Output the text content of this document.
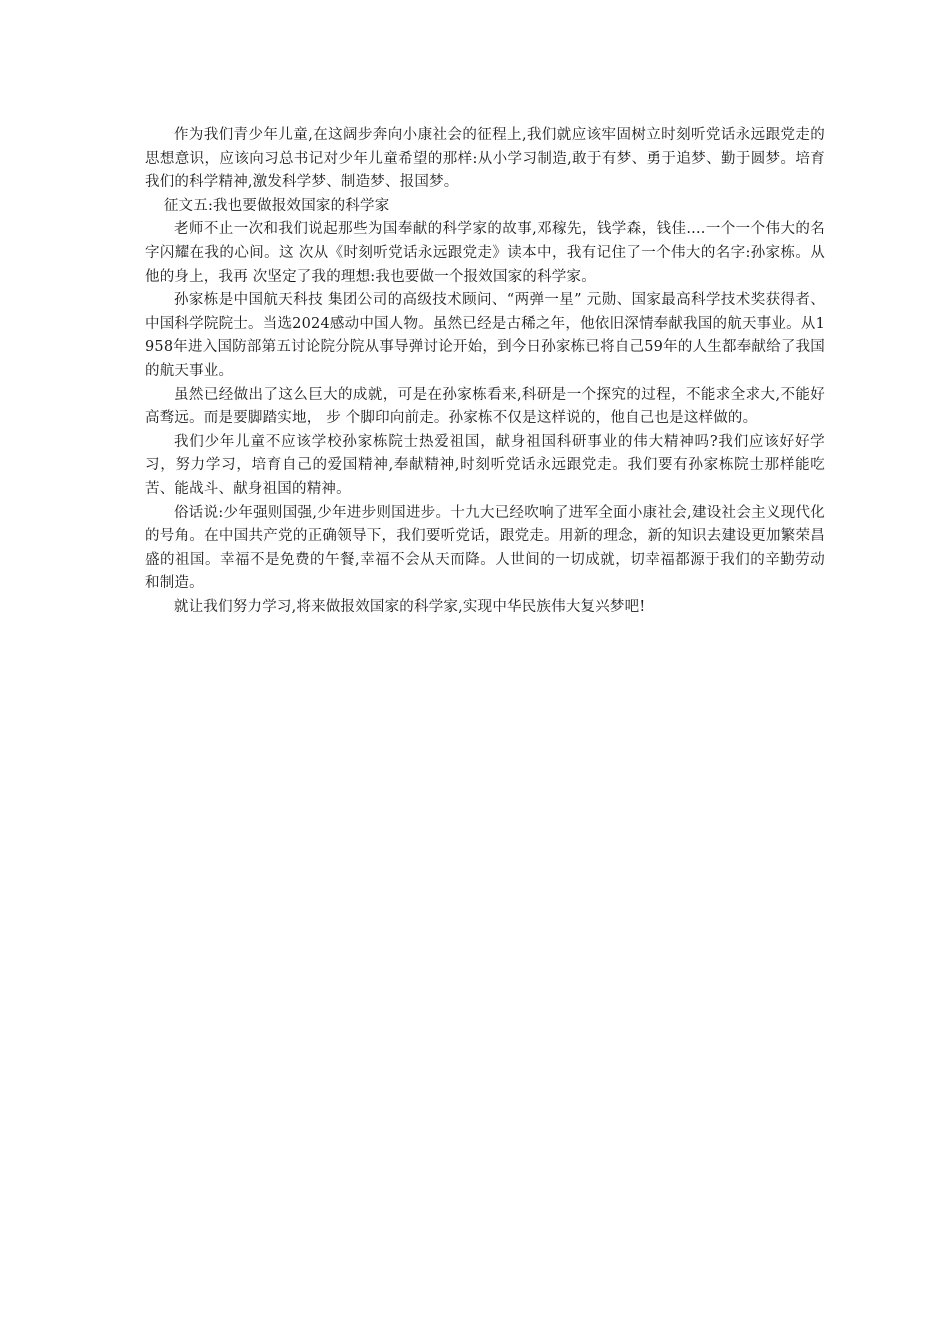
作为我们青少年儿童,在这阔步奔向小康社会的征程上,我们就应该牢固树立时刻听党话永远跟党走的思想意识，应该向习总书记对少年儿童希望的那样:从小学习制造,敢于有梦、勇于追梦、勤于圆梦。培育我们的科学精神,激发科学梦、制造梦、报国梦。

征文五:我也要做报效国家的科学家

老师不止一次和我们说起那些为国奉献的科学家的故事,邓稼先，钱学森，钱佳....一个一个伟大的名字闪耀在我的心间。这 次从《时刻听党话永远跟党走》读本中，我有记住了一个伟大的名字:孙家栋。从他的身上，我再 次坚定了我的理想:我也要做一个报效国家的科学家。

孙家栋是中国航天科技 集团公司的高级技术顾问、“两弹一星” 元勋、国家最高科学技术奖获得者、中国科学院院士。当选2024感动中国人物。虽然已经是古稀之年，他依旧深情奉献我国的航天事业。从1958年进入国防部第五讨论院分院从事导弹讨论开始，到今日孙家栋已将自己59年的人生都奉献给了我国的航天事业。

虽然已经做出了这么巨大的成就，可是在孙家栋看来,科研是一个探究的过程，不能求全求大,不能好高骛远。而是要脚踏实地， 步 个脚印向前走。孙家栋不仅是这样说的，他自己也是这样做的。

我们少年儿童不应该学校孙家栋院士热爱祖国，献身祖国科研事业的伟大精神吗?我们应该好好学习，努力学习，培育自己的爱国精神,奉献精神,时刻听党话永远跟党走。我们要有孙家栋院士那样能吃苦、能战斗、献身祖国的精神。

俗话说:少年强则国强,少年进步则国进步。十九大已经吹响了进军全面小康社会,建设社会主义现代化的号角。在中国共产党的正确领导下，我们要听党话，跟党走。用新的理念，新的知识去建设更加繁荣昌盛的祖国。幸福不是免费的午餐,幸福不会从天而降。人世间的一切成就，切幸福都源于我们的辛勤劳动和制造。

就让我们努力学习,将来做报效国家的科学家,实现中华民族伟大复兴梦吧!
